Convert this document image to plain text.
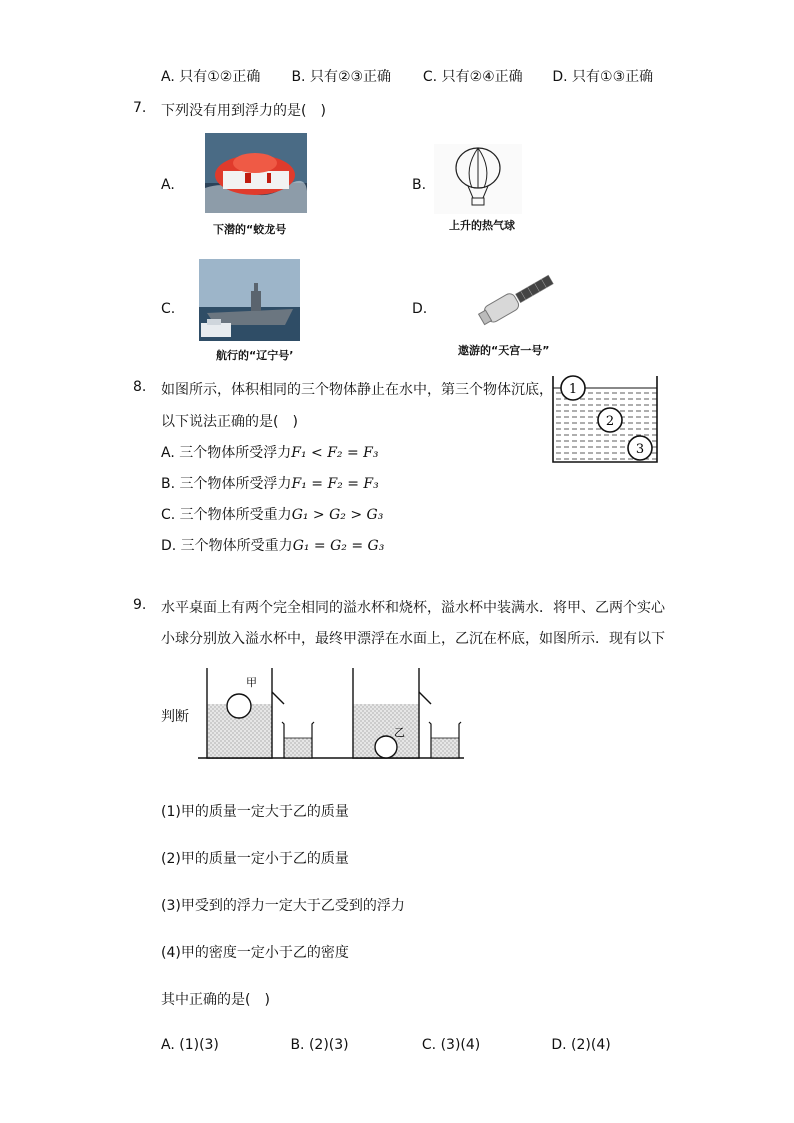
A. 只有①②正确 B. 只有②③正确 C. 只有②④正确 D. 只有①③正确
7. 下列没有用到浮力的是(　)
A.
下潜的“蛟龙号
B.
上升的热气球
C.
航行的“辽宁号’
D.
遨游的“天宫一号”
8. 如图所示，体积相同的三个物体静止在水中，第三个物体沉底，
以下说法正确的是(　)
A. 三个物体所受浮力F₁ < F₂ = F₃
B. 三个物体所受浮力F₁ = F₂ = F₃
C. 三个物体所受重力G₁ > G₂ > G₃
D. 三个物体所受重力G₁ = G₂ = G₃
1
2
3
9. 水平桌面上有两个完全相同的溢水杯和烧杯，溢水杯中装满水．将甲、乙两个实心
小球分别放入溢水杯中，最终甲漂浮在水面上，乙沉在杯底，如图所示．现有以下
判断
甲
乙
(1)甲的质量一定大于乙的质量
(2)甲的质量一定小于乙的质量
(3)甲受到的浮力一定大于乙受到的浮力
(4)甲的密度一定小于乙的密度
其中正确的是(　)
A. (1)(3)	B. (2)(3)	C. (3)(4)	D. (2)(4)
